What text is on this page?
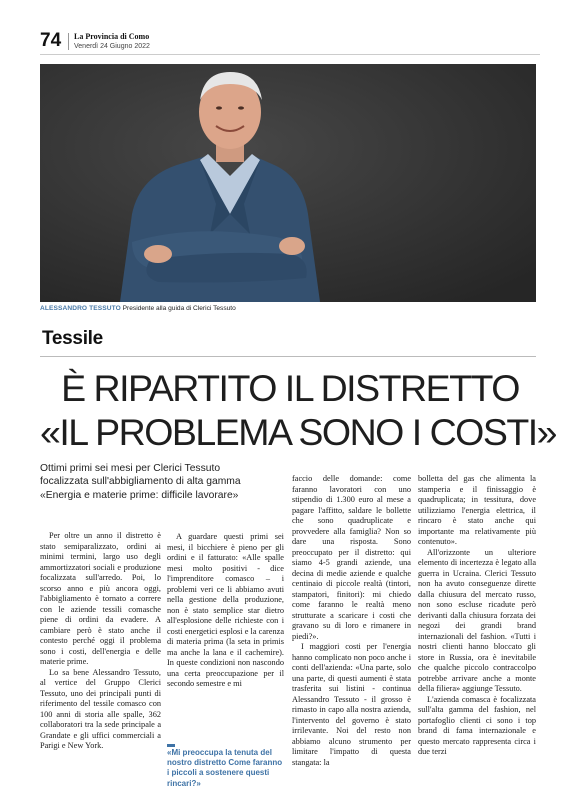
74 La Provincia di Como
Venerdì 24 Giugno 2022
ALESSANDRO TESSUTO Presidente alla guida di Clerici Tessuto
Tessile
È RIPARTITO IL DISTRETTO
«IL PROBLEMA SONO I COSTI»
Ottimi primi sei mesi per Clerici Tessuto
focalizzata sull'abbigliamento di alta gamma
«Energia e materie prime: difficile lavorare»

Per oltre un anno il distretto è stato semiparalizzato, ordini ai minimi termini, largo uso degli ammortizzatori sociali e produzione focalizzata sull'arredo. Poi, lo scorso anno e più ancora oggi, l'abbigliamento è tornato a correre con le aziende tessili comasche piene di ordini da evadere. A cambiare però è stato anche il contesto perché oggi il problema sono i costi, dell'energia e delle materie prime.

Lo sa bene Alessandro Tessuto, al vertice del Gruppo Clerici Tessuto, uno dei principali punti di riferimento del tessile comasco con 100 anni di storia alle spalle, 362 collaboratori tra la sede principale a Grandate e gli uffici commerciali a Parigi e New York.

A guardare questi primi sei mesi, il bicchiere è pieno per gli ordini e il fatturato: «Alle spalle mesi molto positivi - dice l'imprenditore comasco – i problemi veri ce li abbiamo avuti nella gestione della produzione, non è stato semplice star dietro all'esplosione delle richieste con i costi energetici esplosi e la carenza di materia prima (la seta in primis ma anche la lana e il cachemire). In queste condizioni non nascondo una certa preoccupazione per il secondo semestre e mi

«Mi preoccupa la tenuta del nostro distretto Come faranno i piccoli a sostenere questi rincari?»

faccio delle domande: come faranno lavoratori con uno stipendio di 1.300 euro al mese a pagare l'affitto, saldare le bollette che sono quadruplicate e provvedere alla famiglia? Non so dare una risposta. Sono preoccupato per il distretto: qui siamo 4-5 grandi aziende, una decina di medie aziende e qualche centinaio di piccole realtà (tintori, stampatori, finitori): mi chiedo come faranno le realtà meno strutturate a scaricare i costi che gravano su di loro e rimanere in piedi?».

I maggiori costi per l'energia hanno complicato non poco anche i conti dell'azienda: «Una parte, solo una parte, di questi aumenti è stata trasferita sui listini - continua Alessandro Tessuto - il grosso è rimasto in capo alla nostra azienda, l'intervento del governo è stato irrilevante. Noi del resto non abbiamo alcuno strumento per limitare l'impatto di questa stangata: la

bolletta del gas che alimenta la stamperia e il finissaggio è quadruplicata; in tessitura, dove utilizziamo l'energia elettrica, il rincaro è stato anche qui importante ma relativamente più contenuto».

All'orizzonte un ulteriore elemento di incertezza è legato alla guerra in Ucraina. Clerici Tessuto non ha avuto conseguenze dirette dalla chiusura del mercato russo, non sono escluse ricadute però derivanti dalla chiusura forzata dei negozi dei grandi brand internazionali del fashion. «Tutti i nostri clienti hanno bloccato gli store in Russia, ora è inevitabile che qualche piccolo contraccolpo potrebbe arrivare anche a monte della filiera» aggiunge Tessuto.

L'azienda comasca è focalizzata sull'alta gamma del fashion, nel portafoglio clienti ci sono i top brand di fama internazionale e questo mercato rappresenta circa i due terzi
